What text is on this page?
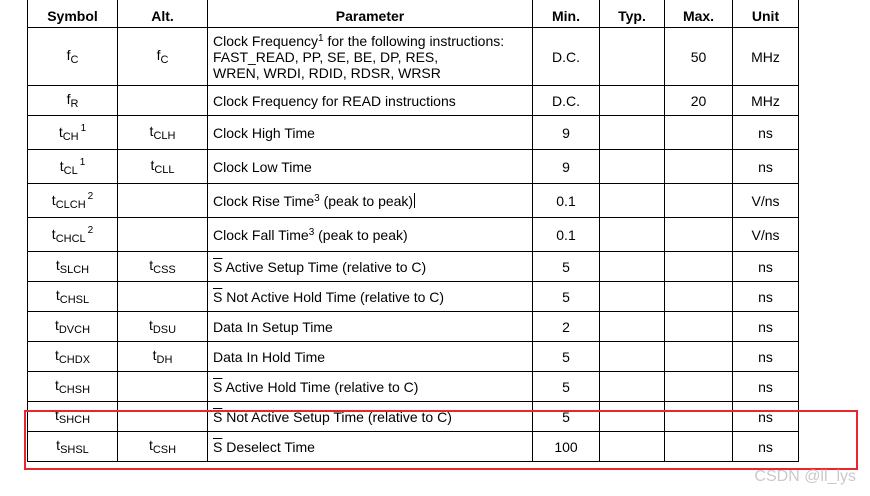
Symbol	Alt.	Parameter	Min.	Typ.	Max.	Unit
$f_C$	$f_C$	Clock Frequency$^1$ for the following instructions:
FAST_READ, PP, SE, BE, DP, RES,
WREN, WRDI, RDID, RDSR, WRSR	D.C.		50	MHz
$f_R$		Clock Frequency for READ instructions	D.C.		20	MHz
$t_{CH}^1$	$t_{CLH}$	Clock High Time	9			ns
$t_{CL}^1$	$t_{CLL}$	Clock Low Time	9			ns
$t_{CLCH}^2$		Clock Rise Time$^3$ (peak to peak)	0.1			V/ns
$t_{CHCL}^2$		Clock Fall Time$^3$ (peak to peak)	0.1			V/ns
$t_{SLCH}$	$t_{CSS}$	$\overline{S}$ Active Setup Time (relative to C)	5			ns
$t_{CHSL}$		$\overline{S}$ Not Active Hold Time (relative to C)	5			ns
$t_{DVCH}$	$t_{DSU}$	Data In Setup Time	2			ns
$t_{CHDX}$	$t_{DH}$	Data In Hold Time	5			ns
$t_{CHSH}$		$\overline{S}$ Active Hold Time (relative to C)	5			ns
$t_{SHCH}$		$\overline{S}$ Not Active Setup Time (relative to C)	5			ns
$t_{SHSL}$	$t_{CSH}$	$\overline{S}$ Deselect Time	100			ns
CSDN @ll_lys
